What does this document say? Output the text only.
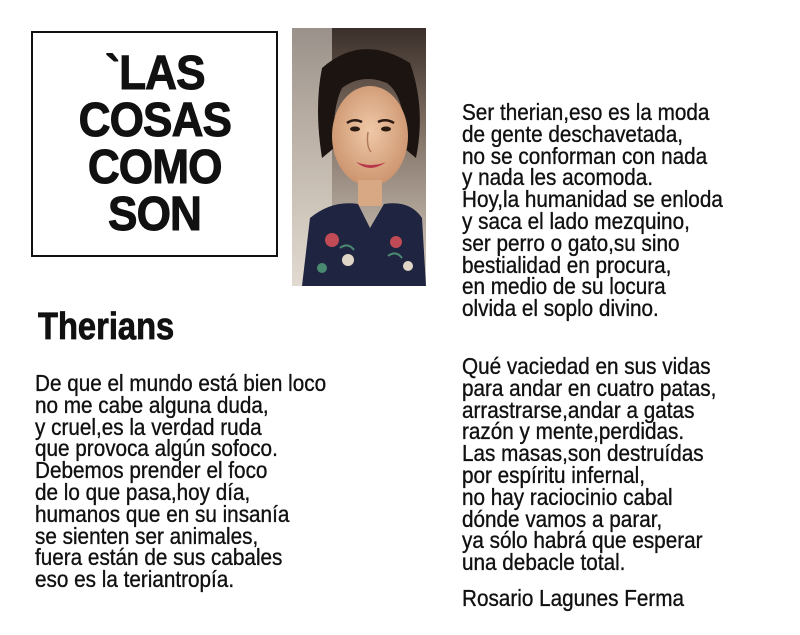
`LAS
COSAS
COMO
SON
Therians
De que el mundo está bien loco
no me cabe alguna duda,
y cruel,es la verdad ruda
que provoca algún sofoco.
Debemos prender el foco
de lo que pasa,hoy día,
humanos que en su insanía
se sienten ser animales,
fuera están de sus cabales
eso es la teriantropía.
Ser therian,eso es la moda
de gente deschavetada,
no se conforman con nada
y nada les acomoda.
Hoy,la humanidad se enloda
y saca el lado mezquino,
ser perro o gato,su sino
bestialidad en procura,
en medio de su locura
olvida el soplo divino.
Qué vaciedad en sus vidas
para andar en cuatro patas,
arrastrarse,andar a gatas
razón y mente,perdidas.
Las masas,son destruídas
por espíritu infernal,
no hay raciocinio cabal
dónde vamos a parar,
ya sólo habrá que esperar
una debacle total.
Rosario Lagunes Ferma
